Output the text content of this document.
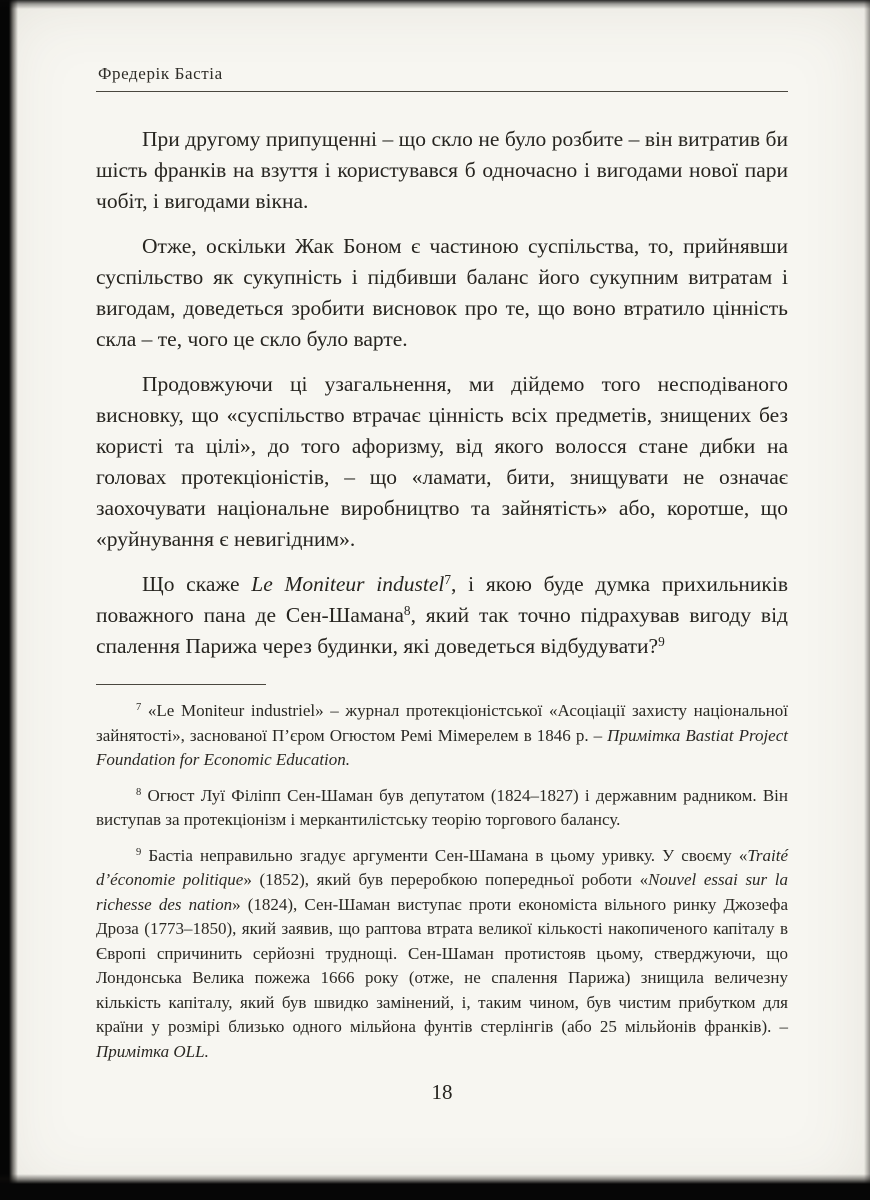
Фредерік Бастіа

При другому припущенні – що скло не було розбите – він витратив би шість франків на взуття і користувався б одночасно і вигодами нової пари чобіт, і вигодами вікна.

Отже, оскільки Жак Боном є частиною суспільства, то, прийнявши суспільство як сукупність і підбивши баланс його сукупним витратам і вигодам, доведеться зробити висновок про те, що воно втратило цінність скла – те, чого це скло було варте.

Продовжуючи ці узагальнення, ми дійдемо того несподіваного висновку, що «суспільство втрачає цінність всіх предметів, знищених без користі та цілі», до того афоризму, від якого волосся стане дибки на головах протекціоністів, – що «ламати, бити, знищувати не означає заохочувати національне виробництво та зайнятість» або, коротше, що «руйнування є невигідним».

Що скаже Le Moniteur industel$^7$, і якою буде думка прихильників поважного пана де Сен-Шамана$^8$, який так точно підрахував вигоду від спалення Парижа через будинки, які доведеться відбудувати?$^9$

$^7$ «Le Moniteur industriel» – журнал протекціоністської «Асоціації захисту національної зайнятості», заснованої П’єром Огюстом Ремі Мімерелем в 1846 р. – Примітка Bastiat Project Foundation for Economic Education.

$^8$ Огюст Луї Філіпп Сен-Шаман був депутатом (1824–1827) і державним радником. Він виступав за протекціонізм і меркантилістську теорію торгового балансу.

$^9$ Бастіа неправильно згадує аргументи Сен-Шамана в цьому уривку. У своєму «Traité d’économie politique» (1852), який був переробкою попередньої роботи «Nouvel essai sur la richesse des nation» (1824), Сен-Шаман виступає проти економіста вільного ринку Джозефа Дроза (1773–1850), який заявив, що раптова втрата великої кількості накопиченого капіталу в Європі спричинить серйозні труднощі. Сен-Шаман протистояв цьому, стверджуючи, що Лондонська Велика пожежа 1666 року (отже, не спалення Парижа) знищила величезну кількість капіталу, який був швидко замінений, і, таким чином, був чистим прибутком для країни у розмірі близько одного мільйона фунтів стерлінгів (або 25 мільйонів франків). – Примітка OLL.

18
